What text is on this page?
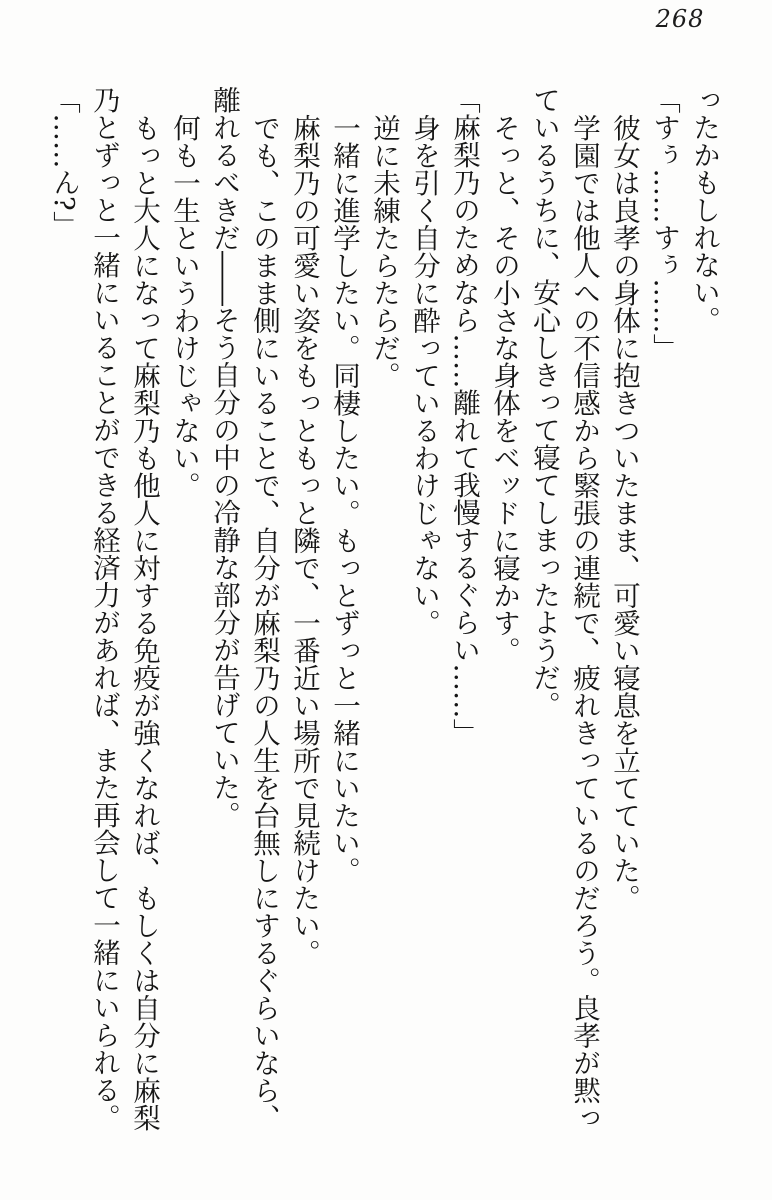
268
ったかもしれない。
「すぅ……すぅ……」
彼女は良孝の身体に抱きついたまま、可愛い寝息を立てていた。
学園では他人への不信感から緊張の連続で、疲れきっているのだろう。良孝が黙っ
ているうちに、安心しきって寝てしまったようだ。
そっと、その小さな身体をベッドに寝かす。
「麻梨乃のためなら……離れて我慢するぐらい……」
身を引く自分に酔っているわけじゃない。
逆に未練たらたらだ。
一緒に進学したい。同棲したい。もっとずっと一緒にいたい。
麻梨乃の可愛い姿をもっともっと隣で、一番近い場所で見続けたい。
でも、このまま側にいることで、自分が麻梨乃の人生を台無しにするぐらいなら、
離れるべきだ――そう自分の中の冷静な部分が告げていた。
何も一生というわけじゃない。
もっと大人になって麻梨乃も他人に対する免疫が強くなれば、もしくは自分に麻梨
乃とずっと一緒にいることができる経済力があれば、また再会して一緒にいられる。
「……ん?」
